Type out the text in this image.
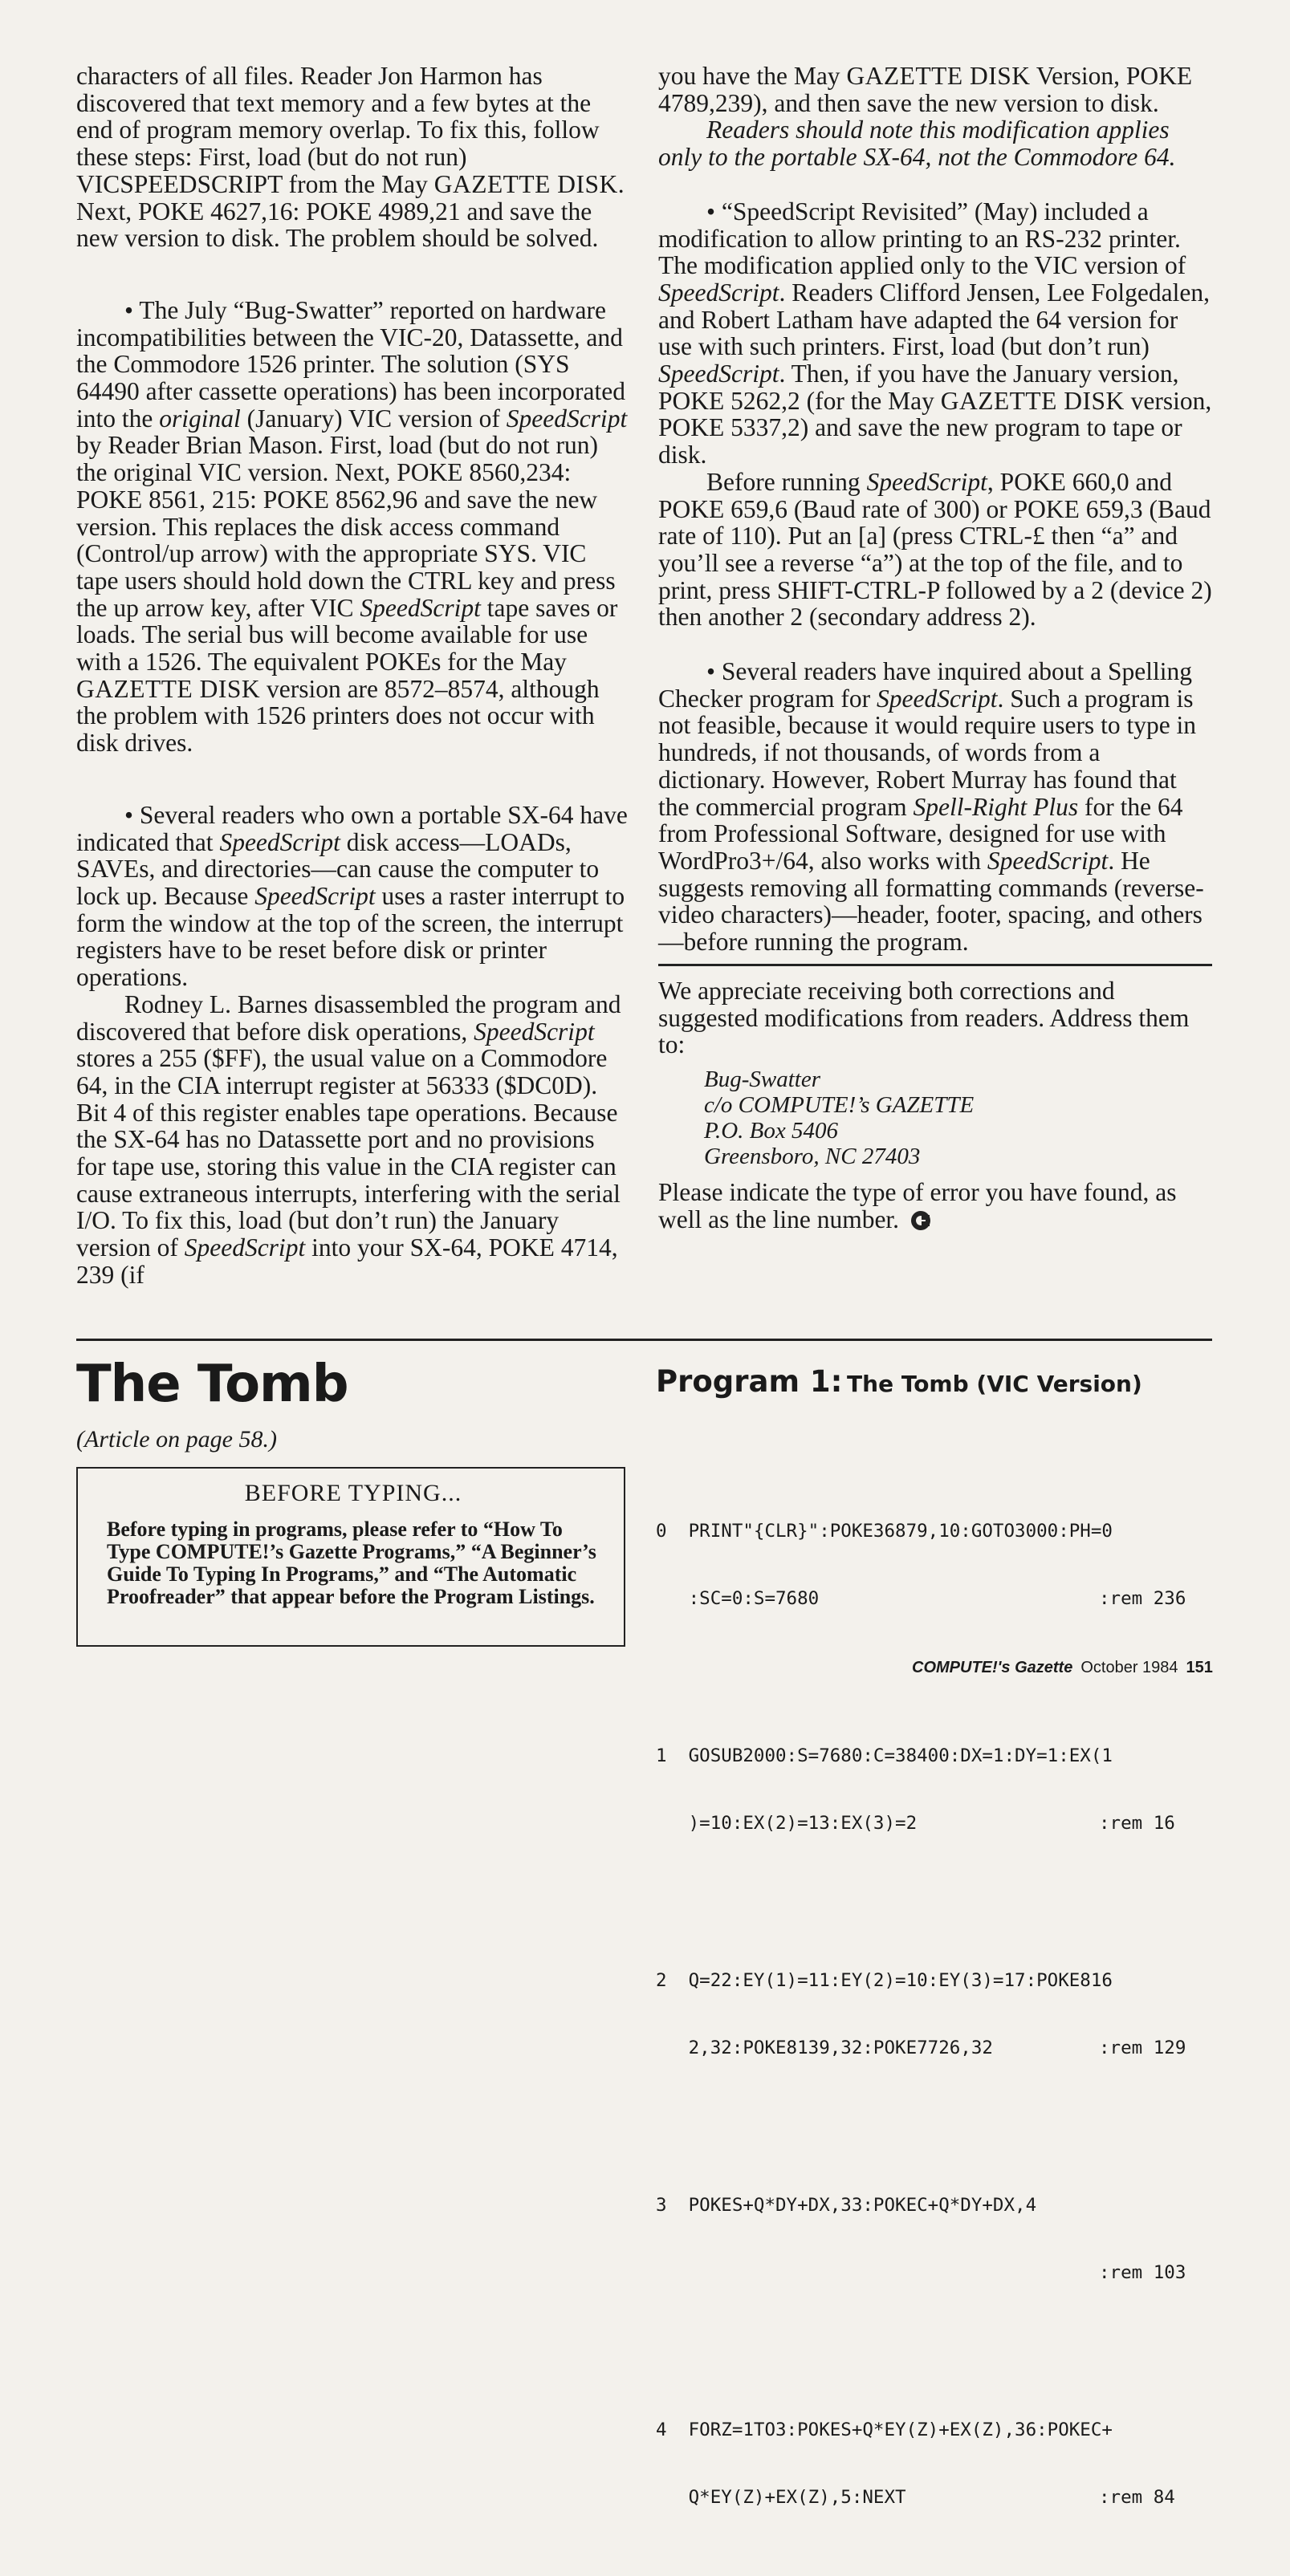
characters of all files. Reader Jon Harmon has discovered that text memory and a few bytes at the end of program memory overlap. To fix this, follow these steps: First, load (but do not run) VICSPEEDSCRIPT from the May GAZETTE DISK. Next, POKE 4627,16: POKE 4989,21 and save the new version to disk. The problem should be solved.

• The July “Bug-Swatter” reported on hardware incompatibilities between the VIC-20, Datassette, and the Commodore 1526 printer. The solution (SYS 64490 after cassette operations) has been incorporated into the original (January) VIC version of SpeedScript by Reader Brian Mason. First, load (but do not run) the original VIC version. Next, POKE 8560,234: POKE 8561, 215: POKE 8562,96 and save the new version. This replaces the disk access command (Control/up arrow) with the appropriate SYS. VIC tape users should hold down the CTRL key and press the up arrow key, after VIC SpeedScript tape saves or loads. The serial bus will become available for use with a 1526. The equivalent POKEs for the May GAZETTE DISK version are 8572–8574, although the problem with 1526 printers does not occur with disk drives.

• Several readers who own a portable SX-64 have indicated that SpeedScript disk access—LOADs, SAVEs, and directories—can cause the computer to lock up. Because SpeedScript uses a raster interrupt to form the window at the top of the screen, the interrupt registers have to be reset before disk or printer operations.

Rodney L. Barnes disassembled the program and discovered that before disk operations, SpeedScript stores a 255 ($FF), the usual value on a Commodore 64, in the CIA interrupt register at 56333 ($DC0D). Bit 4 of this register enables tape operations. Because the SX-64 has no Datassette port and no provisions for tape use, storing this value in the CIA register can cause extraneous interrupts, interfering with the serial I/O. To fix this, load (but don’t run) the January version of SpeedScript into your SX-64, POKE 4714, 239 (if

you have the May GAZETTE DISK Version, POKE 4789,239), and then save the new version to disk.

Readers should note this modification applies only to the portable SX-64, not the Commodore 64.

• “SpeedScript Revisited” (May) included a modification to allow printing to an RS-232 printer. The modification applied only to the VIC version of SpeedScript. Readers Clifford Jensen, Lee Folgedalen, and Robert Latham have adapted the 64 version for use with such printers. First, load (but don’t run) SpeedScript. Then, if you have the January version, POKE 5262,2 (for the May GAZETTE DISK version, POKE 5337,2) and save the new program to tape or disk.

Before running SpeedScript, POKE 660,0 and POKE 659,6 (Baud rate of 300) or POKE 659,3 (Baud rate of 110). Put an [a] (press CTRL-£ then “a” and you’ll see a reverse “a”) at the top of the file, and to print, press SHIFT-CTRL-P followed by a 2 (device 2) then another 2 (secondary address 2).

• Several readers have inquired about a Spelling Checker program for SpeedScript. Such a program is not feasible, because it would require users to type in hundreds, if not thousands, of words from a dictionary. However, Robert Murray has found that the commercial program Spell-Right Plus for the 64 from Professional Software, designed for use with WordPro3+/64, also works with SpeedScript. He suggests removing all formatting commands (reverse-video characters)—header, footer, spacing, and others—before running the program.

We appreciate receiving both corrections and suggested modifications from readers. Address them to:

Bug-Swatter
c/o COMPUTE!’s GAZETTE
P.O. Box 5406
Greensboro, NC 27403

Please indicate the type of error you have found, as well as the line number.

The Tomb
(Article on page 58.)
BEFORE TYPING...
Before typing in programs, please refer to “How To Type COMPUTE!’s Gazette Programs,” “A Beginner’s Guide To Typing In Programs,” and “The Automatic Proofreader” that appear before the Program Listings.
Program 1: The Tomb (VIC Version)

0 PRINT"{CLR}":POKE36879,10:GOTO3000:PH=0

:SC=0:S=7680	:rem 236

1 GOSUB2000:S=7680:C=38400:DX=1:DY=1:EX(1

)=10:EX(2)=13:EX(3)=2	:rem 16

2 Q=22:EY(1)=11:EY(2)=10:EY(3)=17:POKE816

2,32:POKE8139,32:POKE7726,32	:rem 129

3 POKES+Q*DY+DX,33:POKEC+Q*DY+DX,4

:rem 103

4 FORZ=1TO3:POKES+Q*EY(Z)+EX(Z),36:POKEC+

Q*EY(Z)+EX(Z),5:NEXT	:rem 84

COMPUTE!'s Gazette October 1984 151
